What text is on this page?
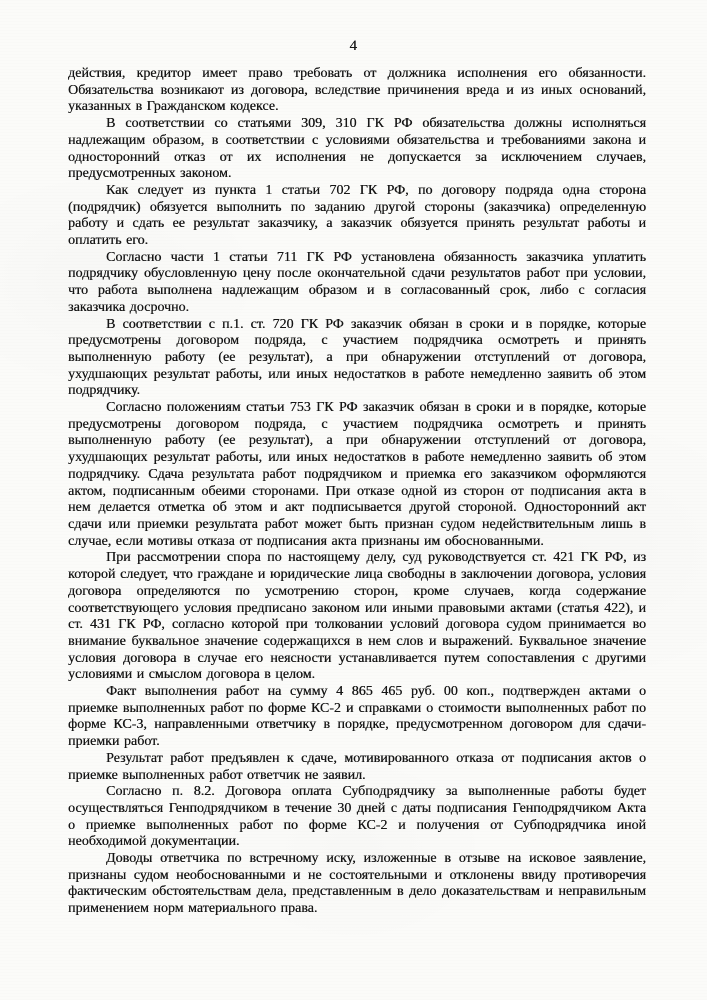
4

действия, кредитор имеет право требовать от должника исполнения его обязанности. Обязательства возникают из договора, вследствие причинения вреда и из иных оснований, указанных в Гражданском кодексе.

В соответствии со статьями 309, 310 ГК РФ обязательства должны исполняться надлежащим образом, в соответствии с условиями обязательства и требованиями закона и односторонний отказ от их исполнения не допускается за исключением случаев, предусмотренных законом.

Как следует из пункта 1 статьи 702 ГК РФ, по договору подряда одна сторона (подрядчик) обязуется выполнить по заданию другой стороны (заказчика) определенную работу и сдать ее результат заказчику, а заказчик обязуется принять результат работы и оплатить его.

Согласно части 1 статьи 711 ГК РФ установлена обязанность заказчика уплатить подрядчику обусловленную цену после окончательной сдачи результатов работ при условии, что работа выполнена надлежащим образом и в согласованный срок, либо с согласия заказчика досрочно.

В соответствии с п.1. ст. 720 ГК РФ заказчик обязан в сроки и в порядке, которые предусмотрены договором подряда, с участием подрядчика осмотреть и принять выполненную работу (ее результат), а при обнаружении отступлений от договора, ухудшающих результат работы, или иных недостатков в работе немедленно заявить об этом подрядчику.

Согласно положениям статьи 753 ГК РФ заказчик обязан в сроки и в порядке, которые предусмотрены договором подряда, с участием подрядчика осмотреть и принять выполненную работу (ее результат), а при обнаружении отступлений от договора, ухудшающих результат работы, или иных недостатков в работе немедленно заявить об этом подрядчику. Сдача результата работ подрядчиком и приемка его заказчиком оформляются актом, подписанным обеими сторонами. При отказе одной из сторон от подписания акта в нем делается отметка об этом и акт подписывается другой стороной. Односторонний акт сдачи или приемки результата работ может быть признан судом недействительным лишь в случае, если мотивы отказа от подписания акта признаны им обоснованными.

При рассмотрении спора по настоящему делу, суд руководствуется ст. 421 ГК РФ, из которой следует, что граждане и юридические лица свободны в заключении договора, условия договора определяются по усмотрению сторон, кроме случаев, когда содержание соответствующего условия предписано законом или иными правовыми актами (статья 422), и ст. 431 ГК РФ, согласно которой при толковании условий договора судом принимается во внимание буквальное значение содержащихся в нем слов и выражений. Буквальное значение условия договора в случае его неясности устанавливается путем сопоставления с другими условиями и смыслом договора в целом.

Факт выполнения работ на сумму 4 865 465 руб. 00 коп., подтвержден актами о приемке выполненных работ по форме КС-2 и справками о стоимости выполненных работ по форме КС-3, направленными ответчику в порядке, предусмотренном договором для сдачи-приемки работ.

Результат работ предъявлен к сдаче, мотивированного отказа от подписания актов о приемке выполненных работ ответчик не заявил.

Согласно п. 8.2. Договора оплата Субподрядчику за выполненные работы будет осуществляться Генподрядчиком в течение 30 дней с даты подписания Генподрядчиком Акта о приемке выполненных работ по форме КС-2 и получения от Субподрядчика иной необходимой документации.

Доводы ответчика по встречному иску, изложенные в отзыве на исковое заявление, признаны судом необоснованными и не состоятельными и отклонены ввиду противоречия фактическим обстоятельствам дела, представленным в дело доказательствам и неправильным применением норм материального права.
